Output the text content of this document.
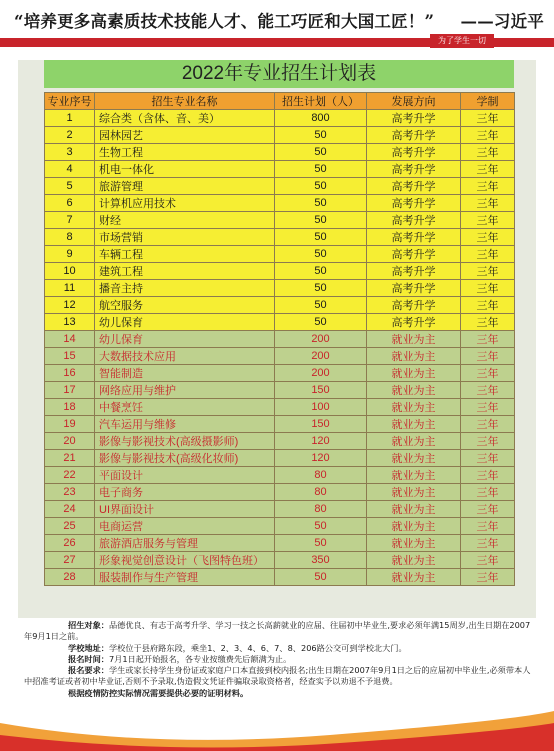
“培养更多高素质技术技能人才、能工巧匠和大国工匠！” ——习近平
为了学生一切
2022年专业招生计划表
专业序号	招生专业名称	招生计划（人）	发展方向	学制
1	综合类（含体、音、美）	800	高考升学	三年
2	园林园艺	50	高考升学	三年
3	生物工程	50	高考升学	三年
4	机电一体化	50	高考升学	三年
5	旅游管理	50	高考升学	三年
6	计算机应用技术	50	高考升学	三年
7	财经	50	高考升学	三年
8	市场营销	50	高考升学	三年
9	车辆工程	50	高考升学	三年
10	建筑工程	50	高考升学	三年
11	播音主持	50	高考升学	三年
12	航空服务	50	高考升学	三年
13	幼儿保育	50	高考升学	三年
14	幼儿保育	200	就业为主	三年
15	大数据技术应用	200	就业为主	三年
16	智能制造	200	就业为主	三年
17	网络应用与维护	150	就业为主	三年
18	中餐烹饪	100	就业为主	三年
19	汽车运用与维修	150	就业为主	三年
20	影像与影视技术(高级摄影师)	120	就业为主	三年
21	影像与影视技术(高级化妆师)	120	就业为主	三年
22	平面设计	80	就业为主	三年
23	电子商务	80	就业为主	三年
24	UI界面设计	80	就业为主	三年
25	电商运营	50	就业为主	三年
26	旅游酒店服务与管理	50	就业为主	三年
27	形象视觉创意设计（飞图特色班）	350	就业为主	三年
28	服装制作与生产管理	50	就业为主	三年

招生对象：品德优良、有志于高考升学、学习一技之长高薪就业的应届、往届初中毕业生,要求必须年满15周岁,出生日期在2007年9月1日之前。

学校地址：学校位于县府路东段，乘坐1、2、3、4、6、7、8、206路公交可到学校北大门。

报名时间：7月1日起开始报名，各专业按缴费先后额满为止。

报名要求：学生或家长持学生身份证或家庭户口本直接到校内报名;出生日期在2007年9月1日之后的应届初中毕业生,必须带本人中招准考证或者初中毕业证,否则不予录取,伪造假文凭证件骗取录取资格者，经查实予以劝退不予退费。

根据疫情防控实际情况需要提供必要的证明材料。
